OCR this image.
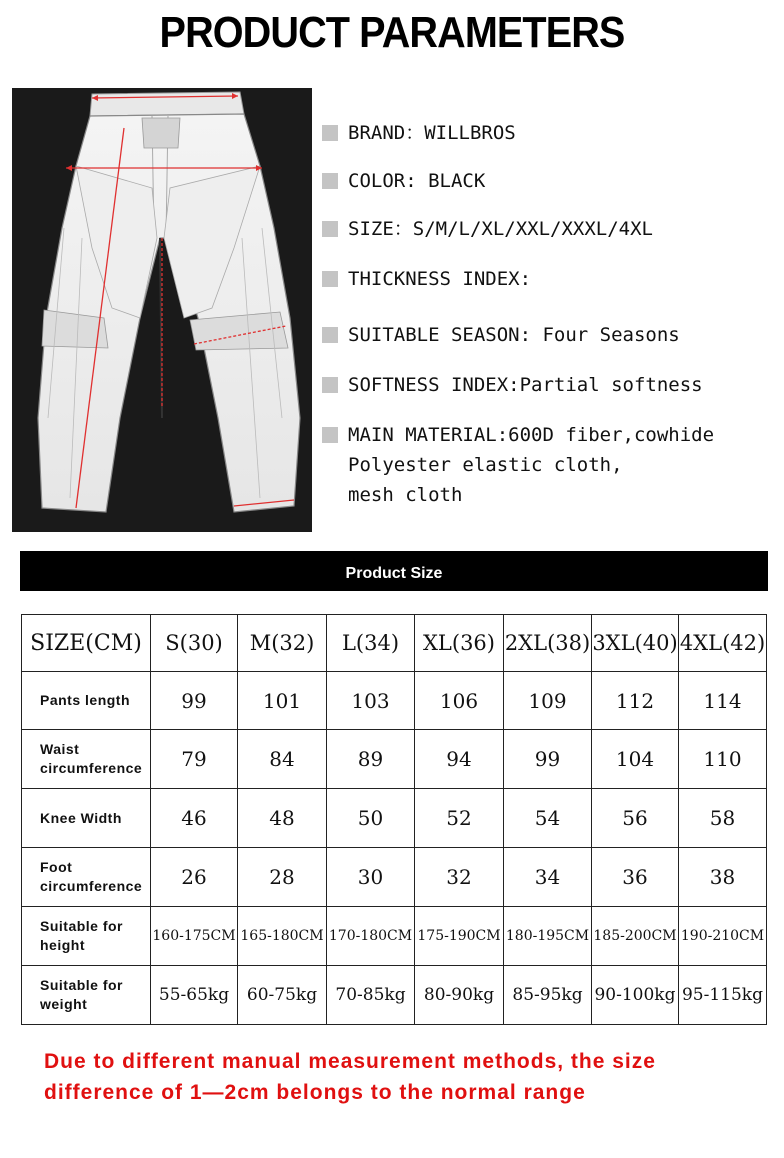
PRODUCT PARAMETERS
BRAND：WILLBROS
COLOR: BLACK
SIZE：S/M/L/XL/XXL/XXXL/4XL
THICKNESS INDEX:
SUITABLE SEASON: Four Seasons
SOFTNESS INDEX:Partial softness
MAIN MATERIAL:600D fiber,cowhide
Polyester elastic cloth,
mesh cloth
Product Size
SIZE(CM)	S(30)	M(32)	L(34)	XL(36)	2XL(38)	3XL(40)	4XL(42)

Pants length	99	101	103	106	109	112	114

Waist
circumference	79	84	89	94	99	104	110

Knee Width	46	48	50	52	54	56	58

Foot
circumference	26	28	30	32	34	36	38

Suitable for
height	160-175CM	165-180CM	170-180CM	175-190CM	180-195CM	185-200CM	190-210CM

Suitable for
weight	55-65kg	60-75kg	70-85kg	80-90kg	85-95kg	90-100kg	95-115kg
Due to different manual measurement methods, the size
difference of 1—2cm belongs to the normal range
